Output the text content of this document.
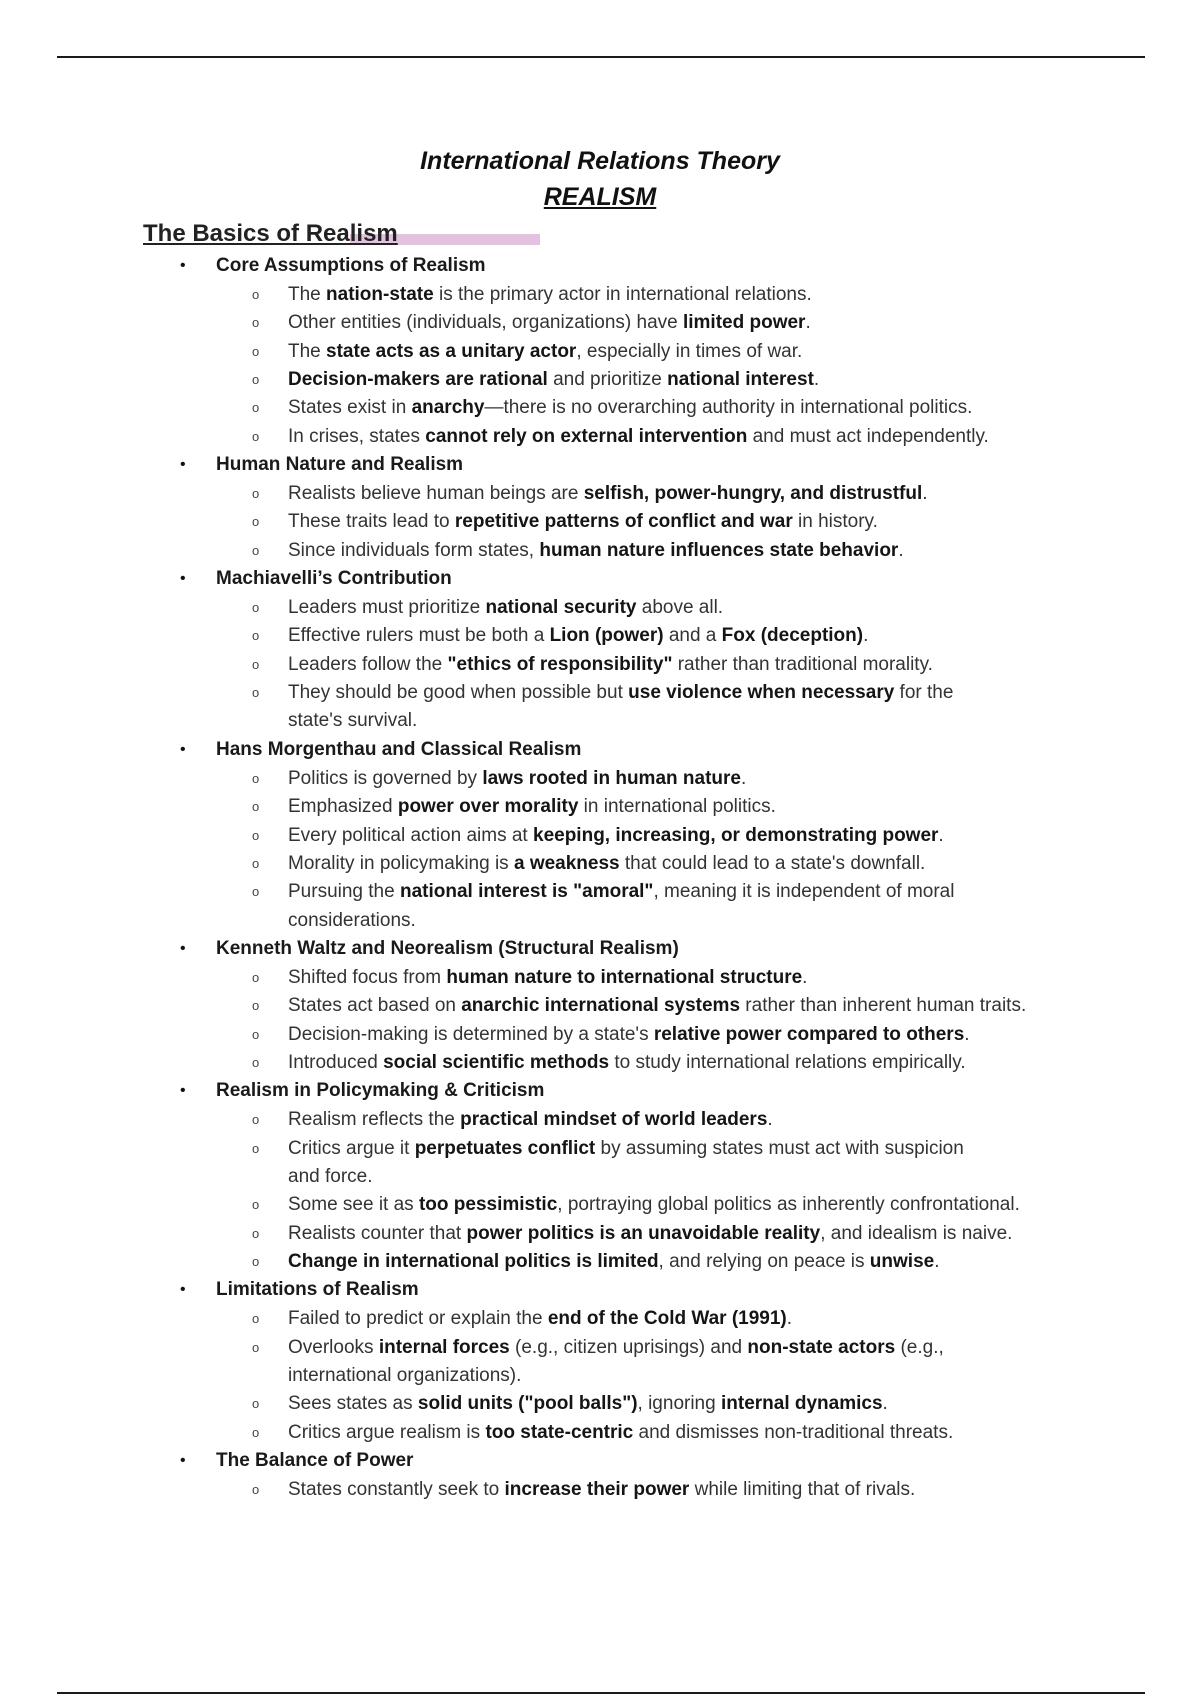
International Relations Theory
REALISM
The Basics of Realism
• Core Assumptions of Realism
o The nation-state is the primary actor in international relations.
o Other entities (individuals, organizations) have limited power.
o The state acts as a unitary actor, especially in times of war.
o Decision-makers are rational and prioritize national interest.
o States exist in anarchy—there is no overarching authority in international politics.
o In crises, states cannot rely on external intervention and must act independently.
• Human Nature and Realism
o Realists believe human beings are selfish, power-hungry, and distrustful.
o These traits lead to repetitive patterns of conflict and war in history.
o Since individuals form states, human nature influences state behavior.
• Machiavelli’s Contribution
o Leaders must prioritize national security above all.
o Effective rulers must be both a Lion (power) and a Fox (deception).
o Leaders follow the "ethics of responsibility" rather than traditional morality.
o They should be good when possible but use violence when necessary for the
state's survival.
• Hans Morgenthau and Classical Realism
o Politics is governed by laws rooted in human nature.
o Emphasized power over morality in international politics.
o Every political action aims at keeping, increasing, or demonstrating power.
o Morality in policymaking is a weakness that could lead to a state's downfall.
o Pursuing the national interest is "amoral", meaning it is independent of moral
considerations.
• Kenneth Waltz and Neorealism (Structural Realism)
o Shifted focus from human nature to international structure.
o States act based on anarchic international systems rather than inherent human traits.
o Decision-making is determined by a state's relative power compared to others.
o Introduced social scientific methods to study international relations empirically.
• Realism in Policymaking & Criticism
o Realism reflects the practical mindset of world leaders.
o Critics argue it perpetuates conflict by assuming states must act with suspicion
and force.
o Some see it as too pessimistic, portraying global politics as inherently confrontational.
o Realists counter that power politics is an unavoidable reality, and idealism is naive.
o Change in international politics is limited, and relying on peace is unwise.
• Limitations of Realism
o Failed to predict or explain the end of the Cold War (1991).
o Overlooks internal forces (e.g., citizen uprisings) and non-state actors (e.g.,
international organizations).
o Sees states as solid units ("pool balls"), ignoring internal dynamics.
o Critics argue realism is too state-centric and dismisses non-traditional threats.
• The Balance of Power
o States constantly seek to increase their power while limiting that of rivals.
